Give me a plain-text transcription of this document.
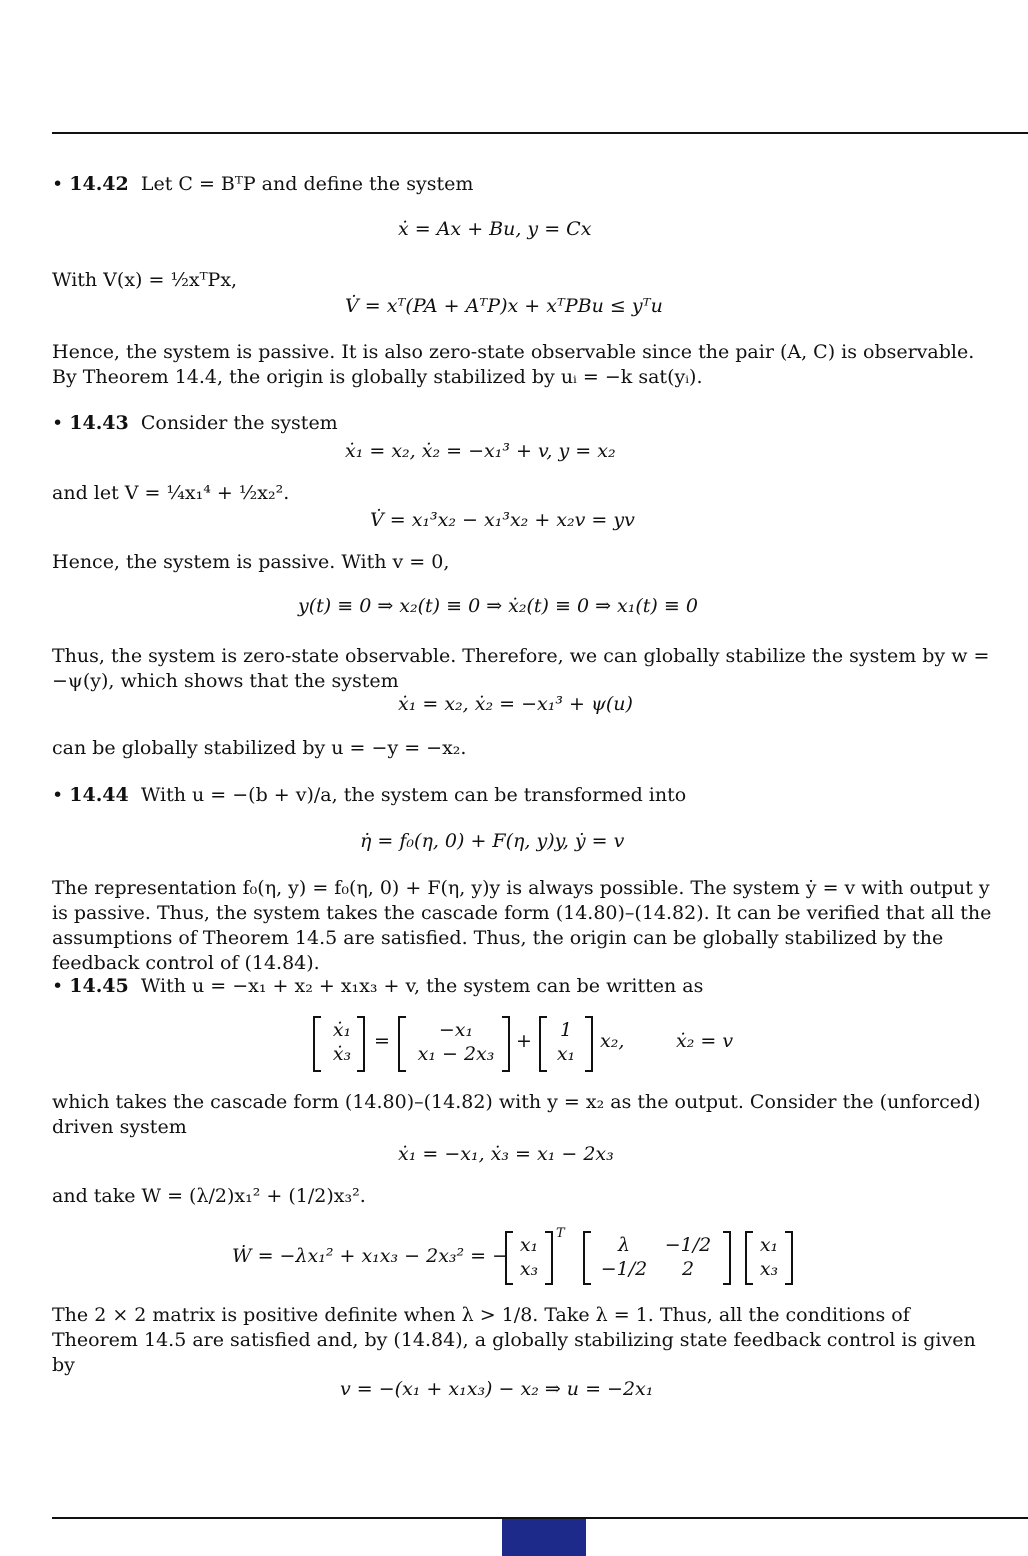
• 14.42 Let C = BᵀP and define the system
ẋ = Ax + Bu, y = Cx
With V(x) = ½xᵀPx,
V̇ = xᵀ(PA + AᵀP)x + xᵀPBu ≤ yᵀu
Hence, the system is passive. It is also zero-state observable since the pair (A, C) is observable. By Theorem 14.4, the origin is globally stabilized by uᵢ = −k sat(yᵢ).
• 14.43 Consider the system
ẋ₁ = x₂, ẋ₂ = −x₁³ + v, y = x₂
and let V = ¼x₁⁴ + ½x₂².
V̇ = x₁³x₂ − x₁³x₂ + x₂v = yv
Hence, the system is passive. With v = 0,
y(t) ≡ 0 ⇒ x₂(t) ≡ 0 ⇒ ẋ₂(t) ≡ 0 ⇒ x₁(t) ≡ 0
Thus, the system is zero-state observable. Therefore, we can globally stabilize the system by w = −ψ(y), which shows that the system
ẋ₁ = x₂, ẋ₂ = −x₁³ + ψ(u)
can be globally stabilized by u = −y = −x₂.
• 14.44 With u = −(b + v)/a, the system can be transformed into
η̇ = f₀(η, 0) + F(η, y)y, ẏ = v
The representation f₀(η, y) = f₀(η, 0) + F(η, y)y is always possible. The system ẏ = v with output y is passive. Thus, the system takes the cascade form (14.80)–(14.82). It can be verified that all the assumptions of Theorem 14.5 are satisfied. Thus, the origin can be globally stabilized by the feedback control of (14.84).
• 14.45 With u = −x₁ + x₂ + x₁x₃ + v, the system can be written as
ẋ₁
ẋ₃
=	−x₁
x₁ − 2x₃
+	1
x₁
x₂,	ẋ₂ = v
which takes the cascade form (14.80)–(14.82) with y = x₂ as the output. Consider the (unforced) driven system
ẋ₁ = −x₁, ẋ₃ = x₁ − 2x₃
and take W = (λ/2)x₁² + (1/2)x₃².
Ẇ = −λx₁² + x₁x₃ − 2x₃² = − x₁
x₃
T
λ	−1/2
−1/2	2
x₁
x₃
The 2 × 2 matrix is positive definite when λ > 1/8. Take λ = 1. Thus, all the conditions of Theorem 14.5 are satisfied and, by (14.84), a globally stabilizing state feedback control is given by
v = −(x₁ + x₁x₃) − x₂ ⇒ u = −2x₁
